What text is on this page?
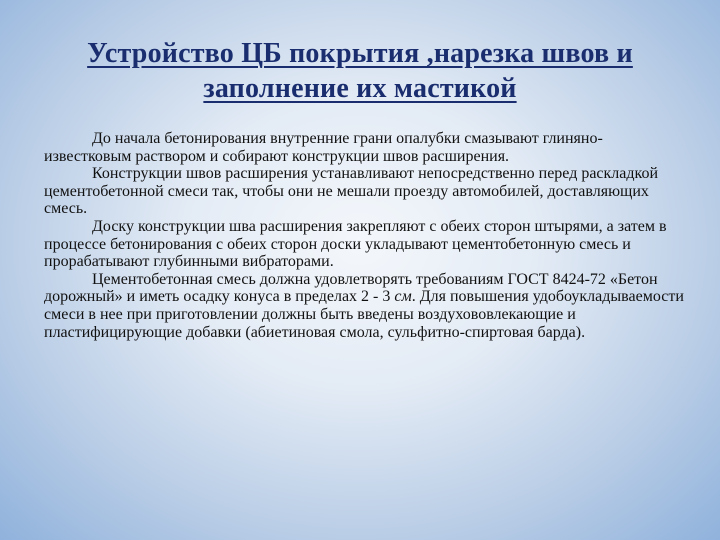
Устройство ЦБ покрытия ,нарезка швов и
заполнение их мастикой

До начала бетонирования внутренние грани опалубки смазывают глиняно-известковым раствором и собирают конструкции швов расширения.

Конструкции швов расширения устанавливают непосредственно перед раскладкой цементобетонной смеси так, чтобы они не мешали проезду автомобилей, доставляющих смесь.

Доску конструкции шва расширения закрепляют с обеих сторон штырями, а затем в процессе бетонирования с обеих сторон доски укладывают цементобетонную смесь и прорабатывают глубинными вибраторами.

Цементобетонная смесь должна удовлетворять требованиям ГОСТ 8424-72 «Бетон дорожный» и иметь осадку конуса в пределах 2 - 3 см. Для повышения удобоукладываемости смеси в нее при приготовлении должны быть введены воздухововлекающие и пластифицирующие добавки (абиетиновая смола, сульфитно-спиртовая барда).
